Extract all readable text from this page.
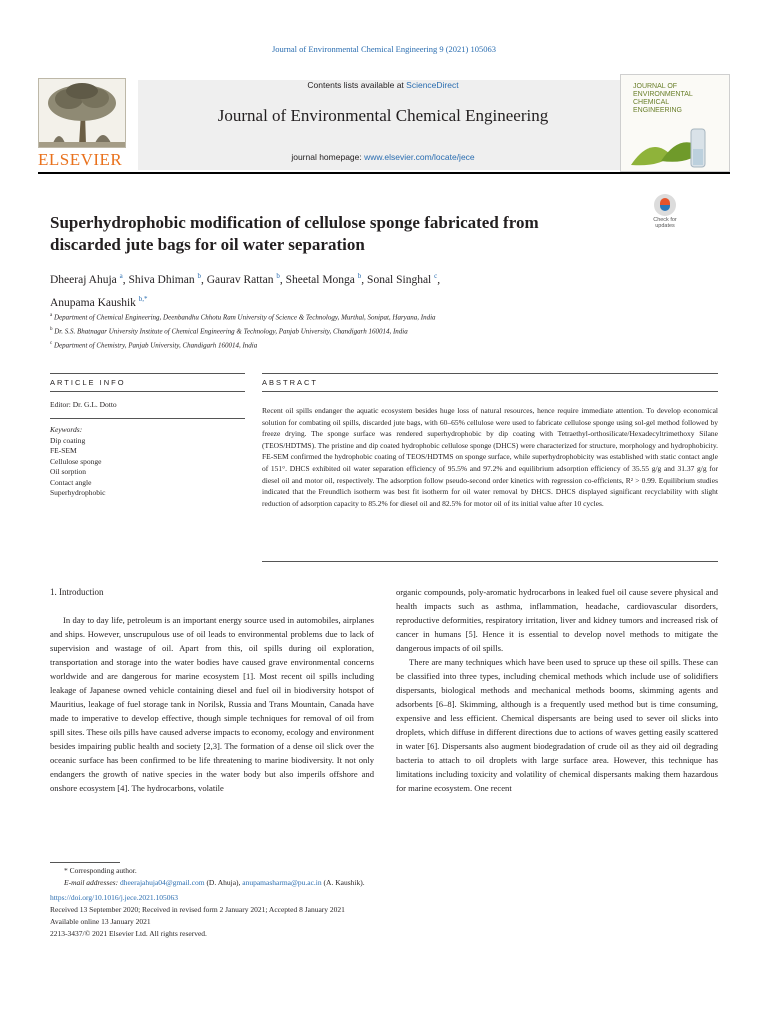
Journal of Environmental Chemical Engineering 9 (2021) 105063
ELSEVIER
Contents lists available at ScienceDirect
Journal of Environmental Chemical Engineering
journal homepage: www.elsevier.com/locate/jece
JOURNAL OF
ENVIRONMENTAL
CHEMICAL
ENGINEERING
Check for
updates
Superhydrophobic modification of cellulose sponge fabricated from
discarded jute bags for oil water separation
Dheeraj Ahuja $^a$, Shiva Dhiman $^b$, Gaurav Rattan $^b$, Sheetal Monga $^b$, Sonal Singhal $^c$,
Anupama Kaushik $^{b,*}$
$^a$ Department of Chemical Engineering, Deenbandhu Chhotu Ram University of Science & Technology, Murthal, Sonipat, Haryana, India
$^b$ Dr. S.S. Bhatnagar University Institute of Chemical Engineering & Technology, Panjab University, Chandigarh 160014, India
$^c$ Department of Chemistry, Panjab University, Chandigarh 160014, India
ARTICLE INFO	ABSTRACT
Editor: Dr. G.L. Dotto
Keywords:
Dip coating
FE-SEM
Cellulose sponge
Oil sorption
Contact angle
Superhydrophobic
Recent oil spills endanger the aquatic ecosystem besides huge loss of natural resources, hence require immediate attention. To develop economical solution for combating oil spills, discarded jute bags, with 60–65% cellulose were used to fabricate cellulose sponge using sol-gel method followed by freeze drying. The sponge surface was rendered superhydrophobic by dip coating with Tetraethyl-orthosilicate/Hexadecyltrimethoxy Silane (TEOS/HDTMS). The pristine and dip coated hydrophobic cellulose sponge (DHCS) were characterized for structure, morphology and hydrophobicity. FE-SEM confirmed the hydrophobic coating of TEOS/HDTMS on sponge surface, while superhydrophobicity was established with static contact angle of 151°. DHCS exhibited oil water separation efficiency of 95.5% and 97.2% and equilibrium adsorption efficiency of 35.55 g/g and 31.37 g/g for diesel oil and motor oil, respectively. The adsorption follow pseudo-second order kinetics with regression co-efficients, R² > 0.99. Equilibrium studies indicated that the Freundlich isotherm was best fit isotherm for oil water removal by DHCS. DHCS displayed significant recyclability with slight reduction of adsorption capacity to 85.2% for diesel oil and 82.5% for motor oil of its initial value after 10 cycles.
1. Introduction

In day to day life, petroleum is an important energy source used in automobiles, airplanes and ships. However, unscrupulous use of oil leads to environmental problems due to lack of supervision and wastage of oil. Apart from this, oil spills during oil exploration, transportation and storage into the water bodies have caused grave environmental concerns worldwide and are dangerous for marine ecosystem [1]. Most recent oil spills including leakage of Japanese owned vehicle containing diesel and fuel oil in biodiversity hotspot of Mauritius, leakage of fuel storage tank in Norilsk, Russia and Trans Mountain, Canada have made to imperative to develop effective, though simple techniques for removal of oil from spill sites. These oils pills have caused adverse impacts to economy, ecology and environment besides impairing public health and society [2,3]. The formation of a dense oil slick over the oceanic surface has been confirmed to be life threatening to marine biodiversity. It not only endangers the growth of native species in the water body but also imperils offshore and onshore ecosystem [4]. The hydrocarbons, volatile

organic compounds, poly-aromatic hydrocarbons in leaked fuel oil cause severe physical and health impacts such as asthma, inflammation, headache, cardiovascular disorders, reproductive deformities, respiratory irritation, liver and kidney tumors and increased risk of cancer in humans [5]. Hence it is essential to develop novel methods to mitigate the dangerous impacts of oil spills.

There are many techniques which have been used to spruce up these oil spills. These can be classified into three types, including chemical methods which include use of solidifiers dispersants, biological methods and mechanical methods booms, skimming agents and adsorbents [6–8]. Skimming, although is a frequently used method but is time consuming, expensive and less efficient. Chemical dispersants are being used to sever oil slicks into droplets, which diffuse in different directions due to actions of waves getting easily scattered in water [6]. Dispersants also augment biodegradation of crude oil as they aid oil degrading bacteria to attach to oil droplets with large surface area. However, this technique has limitations including toxicity and volatility of chemical dispersants making them hazardous for marine ecosystem. One recent

* Corresponding author.
E-mail addresses: dheerajahuja04@gmail.com (D. Ahuja), anupamasharma@pu.ac.in (A. Kaushik).
https://doi.org/10.1016/j.jece.2021.105063
Received 13 September 2020; Received in revised form 2 January 2021; Accepted 8 January 2021
Available online 13 January 2021
2213-3437/© 2021 Elsevier Ltd. All rights reserved.
